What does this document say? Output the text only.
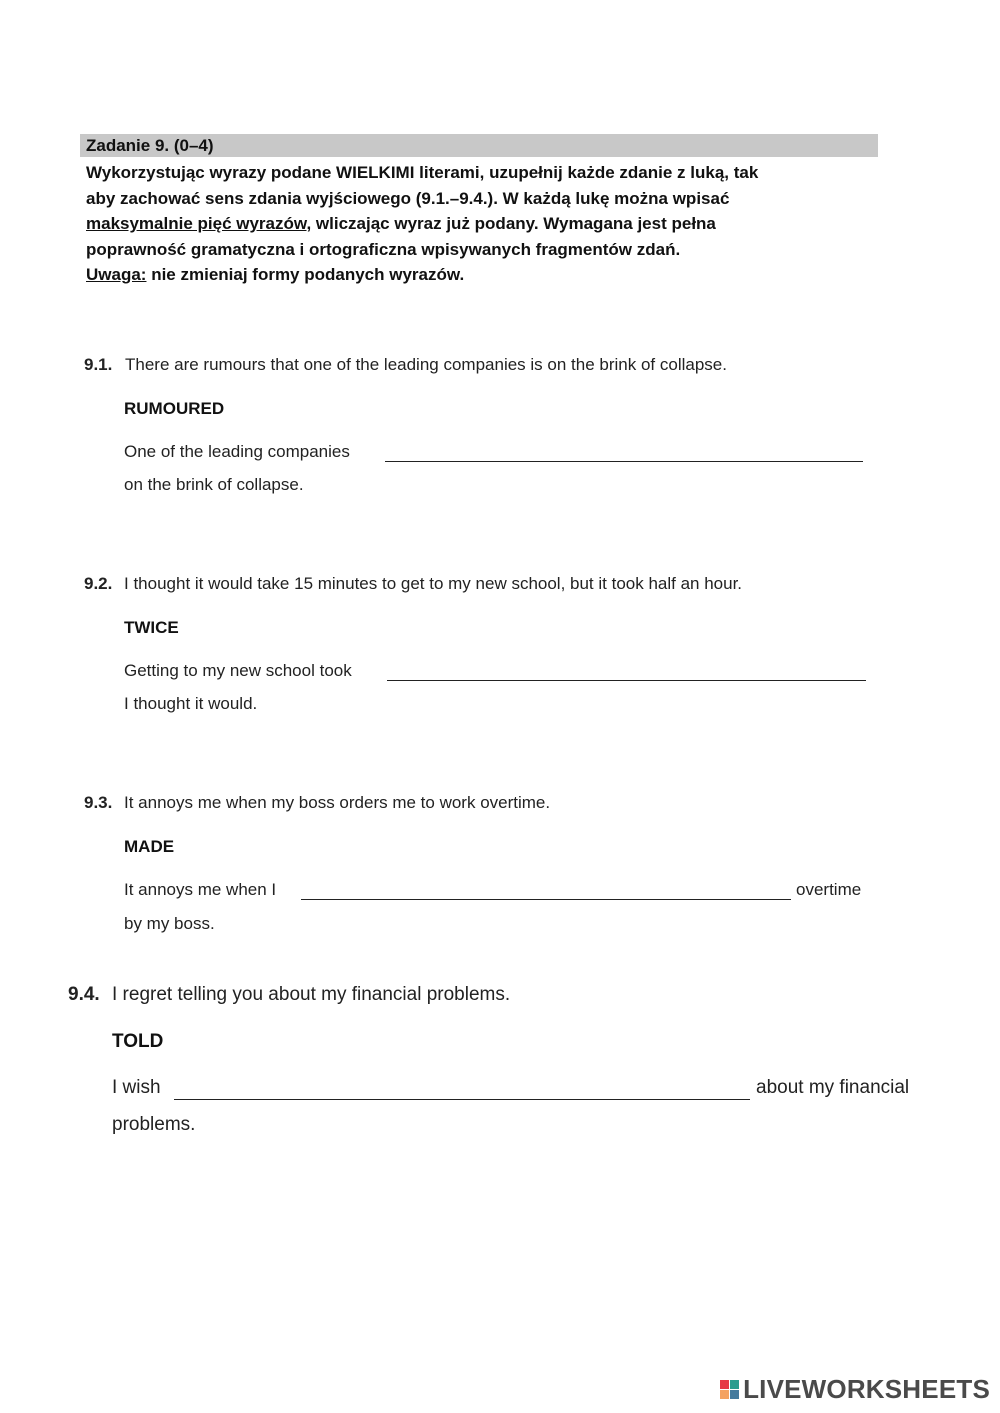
Zadanie 9. (0–4)
Wykorzystując wyrazy podane WIELKIMI literami, uzupełnij każde zdanie z luką, tak
aby zachować sens zdania wyjściowego (9.1.–9.4.). W każdą lukę można wpisać
maksymalnie pięć wyrazów, wliczając wyraz już podany. Wymagana jest pełna
poprawność gramatyczna i ortograficzna wpisywanych fragmentów zdań.
Uwaga: nie zmieniaj formy podanych wyrazów.
9.1. There are rumours that one of the leading companies is on the brink of collapse.
RUMOURED
One of the leading companies
on the brink of collapse.
9.2. I thought it would take 15 minutes to get to my new school, but it took half an hour.
TWICE
Getting to my new school took
I thought it would.
9.3. It annoys me when my boss orders me to work overtime.
MADE
It annoys me when I	overtime
by my boss.
9.4. I regret telling you about my financial problems.
TOLD
I wish	about my financial
problems.
LIVEWORKSHEETS
